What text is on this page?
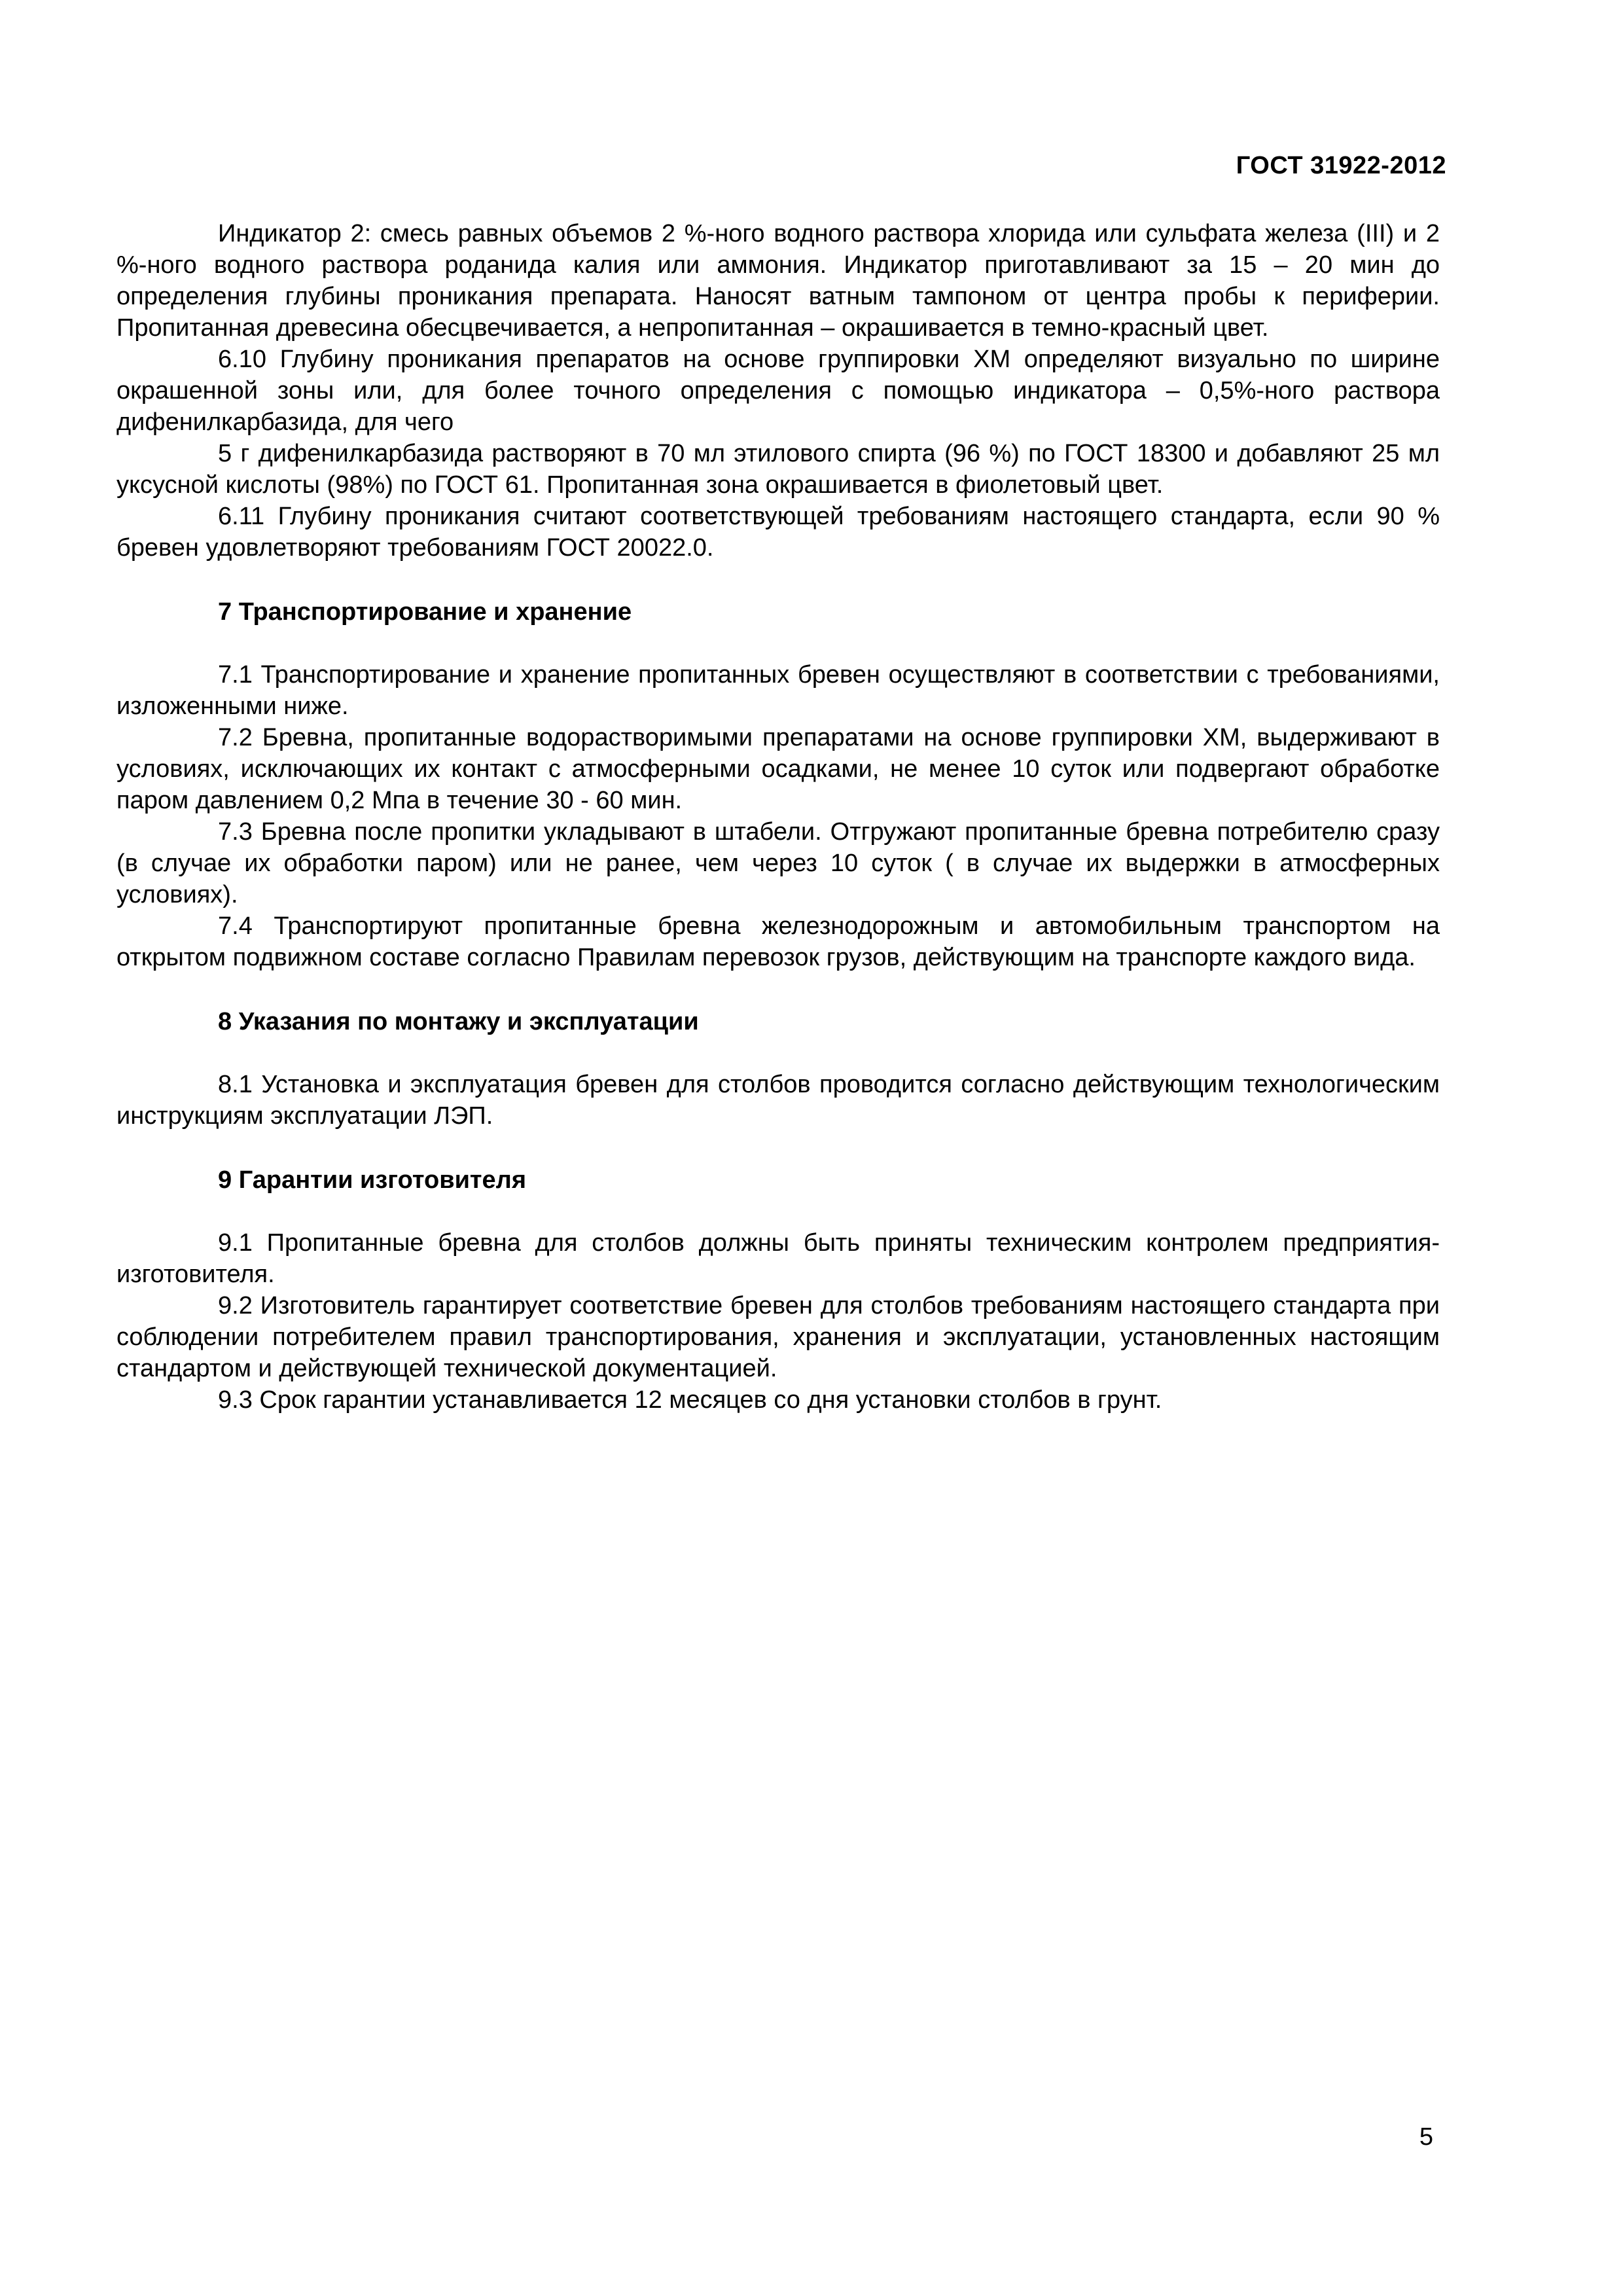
ГОСТ 31922-2012

Индикатор 2: смесь равных объемов 2 %-ного водного раствора хлорида или сульфата железа (III) и 2 %-ного водного раствора роданида калия или аммония. Индикатор приготавливают за 15 – 20 мин до определения глубины проникания препарата. Наносят ватным тампоном от центра пробы к периферии. Пропитанная древесина обесцвечивается, а непропитанная – окрашивается в темно-красный цвет.

6.10 Глубину проникания препаратов на основе группировки ХМ определяют визуально по ширине окрашенной зоны или, для более точного определения с помощью индикатора – 0,5%-ного раствора дифенилкарбазида, для чего

5 г дифенилкарбазида растворяют в 70 мл этилового спирта (96 %) по ГОСТ 18300 и добавляют 25 мл уксусной кислоты (98%) по ГОСТ 61. Пропитанная зона окрашивается в фиолетовый цвет.

6.11 Глубину проникания считают соответствующей требованиям настоящего стандарта, если 90 % бревен удовлетворяют требованиям ГОСТ 20022.0.

7 Транспортирование и хранение

7.1 Транспортирование и хранение пропитанных бревен осуществляют в соответствии с требованиями, изложенными ниже.

7.2 Бревна, пропитанные водорастворимыми препаратами на основе группировки ХМ, выдерживают в условиях, исключающих их контакт с атмосферными осадками, не менее 10 суток или подвергают обработке паром давлением 0,2 Мпа в течение 30 - 60 мин.

7.3 Бревна после пропитки укладывают в штабели. Отгружают пропитанные бревна потребителю сразу (в случае их обработки паром) или не ранее, чем через 10 суток ( в случае их выдержки в атмосферных условиях).

7.4 Транспортируют пропитанные бревна железнодорожным и автомобильным транспортом на открытом подвижном составе согласно Правилам перевозок грузов, действующим на транспорте каждого вида.

8 Указания по монтажу и эксплуатации

8.1 Установка и эксплуатация бревен для столбов проводится согласно действующим технологическим инструкциям эксплуатации ЛЭП.

9 Гарантии изготовителя

9.1 Пропитанные бревна для столбов должны быть приняты техническим контролем предприятия-изготовителя.

9.2 Изготовитель гарантирует соответствие бревен для столбов требованиям настоящего стандарта при соблюдении потребителем правил транспортирования, хранения и эксплуатации, установленных настоящим стандартом и действующей технической документацией.

9.3 Срок гарантии устанавливается 12 месяцев со дня установки столбов в грунт.

5
